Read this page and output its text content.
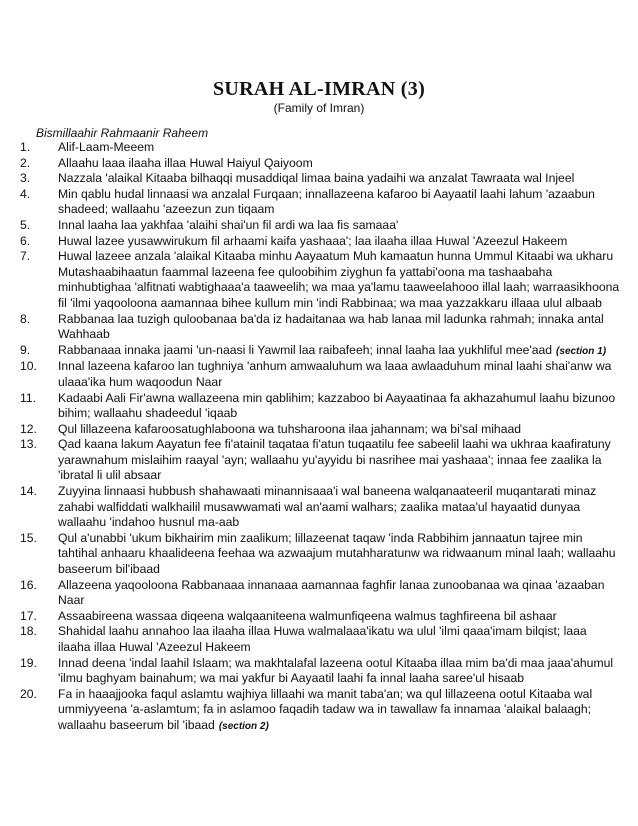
SURAH AL-IMRAN (3)
(Family of Imran)
Bismillaahir Rahmaanir Raheem
1. Alif-Laam-Meeem
2. Allaahu laaa ilaaha illaa Huwal Haiyul Qaiyoom
3. Nazzala 'alaikal Kitaaba bilhaqqi musaddiqal limaa baina yadaihi wa anzalat Tawraata wal Injeel
4. Min qablu hudal linnaasi wa anzalal Furqaan; innallazeena kafaroo bi Aayaatil laahi lahum 'azaabun shadeed; wallaahu 'azeezun zun tiqaam
5. Innal laaha laa yakhfaa 'alaihi shai'un fil ardi wa laa fis samaaa'
6. Huwal lazee yusawwirukum fil arhaami kaifa yashaaa'; laa ilaaha illaa Huwal 'Azeezul Hakeem
7. Huwal lazeee anzala 'alaikal Kitaaba minhu Aayaatum Muh kamaatun hunna Ummul Kitaabi wa ukharu Mutashaabihaatun faammal lazeena fee quloobihim ziyghun fa yattabi'oona ma tashaabaha minhubtighaa 'alfitnati wabtighaaa'a taaweelih; wa maa ya'lamu taaweelahooo illal laah; warraasikhoona fil 'ilmi yaqooloona aamannaa bihee kullum min 'indi Rabbinaa; wa maa yazzakkaru illaaa ulul albaab
8. Rabbanaa laa tuzigh quloobanaa ba'da iz hadaitanaa wa hab lanaa mil ladunka rahmah; innaka antal Wahhaab
9. Rabbanaaa innaka jaami 'un-naasi li Yawmil laa raibafeeh; innal laaha laa yukhliful mee'aad (section 1)
10. Innal lazeena kafaroo lan tughniya 'anhum amwaaluhum wa laaa awlaaduhum minal laahi shai'anw wa ulaaa'ika hum waqoodun Naar
11. Kadaabi Aali Fir'awna wallazeena min qablihim; kazzaboo bi Aayaatinaa fa akhazahumul laahu bizunoo bihim; wallaahu shadeedul 'iqaab
12. Qul lillazeena kafaroosatughlaboona wa tuhsharoona ilaa jahannam; wa bi'sal mihaad
13. Qad kaana lakum Aayatun fee fi'atainil taqataa fi'atun tuqaatilu fee sabeelil laahi wa ukhraa kaafiratuny yarawnahum mislaihim raayal 'ayn; wallaahu yu'ayyidu bi nasrihee mai yashaaa'; innaa fee zaalika la 'ibratal li ulil absaar
14. Zuyyina linnaasi hubbush shahawaati minannisaaa'i wal baneena walqanaateeril muqantarati minaz zahabi walfiddati walkhailil musawwamati wal an'aami walhars; zaalika mataa'ul hayaatid dunyaa wallaahu 'indahoo husnul ma-aab
15. Qul a'unabbi 'ukum bikhairim min zaalikum; lillazeenat taqaw 'inda Rabbihim jannaatun tajree min tahtihal anhaaru khaalideena feehaa wa azwaajum mutahharatunw wa ridwaanum minal laah; wallaahu baseerum bil'ibaad
16. Allazeena yaqooloona Rabbanaaa innanaaa aamannaa faghfir lanaa zunoobanaa wa qinaa 'azaaban Naar
17. Assaabireena wassaa diqeena walqaaniteena walmunfiqeena walmus taghfireena bil ashaar
18. Shahidal laahu annahoo laa ilaaha illaa Huwa walmalaaa'ikatu wa ulul 'ilmi qaaa'imam bilqist; laaa ilaaha illaa Huwal 'Azeezul Hakeem
19. Innad deena 'indal laahil Islaam; wa makhtalafal lazeena ootul Kitaaba illaa mim ba'di maa jaaa'ahumul 'ilmu baghyam bainahum; wa mai yakfur bi Aayaatil laahi fa innal laaha saree'ul hisaab
20. Fa in haaajjooka faqul aslamtu wajhiya lillaahi wa manit taba'an; wa qul lillazeena ootul Kitaaba wal ummiyyeena 'a-aslamtum; fa in aslamoo faqadih tadaw wa in tawallaw fa innamaa 'alaikal balaagh; wallaahu baseerum bil 'ibaad (section 2)
